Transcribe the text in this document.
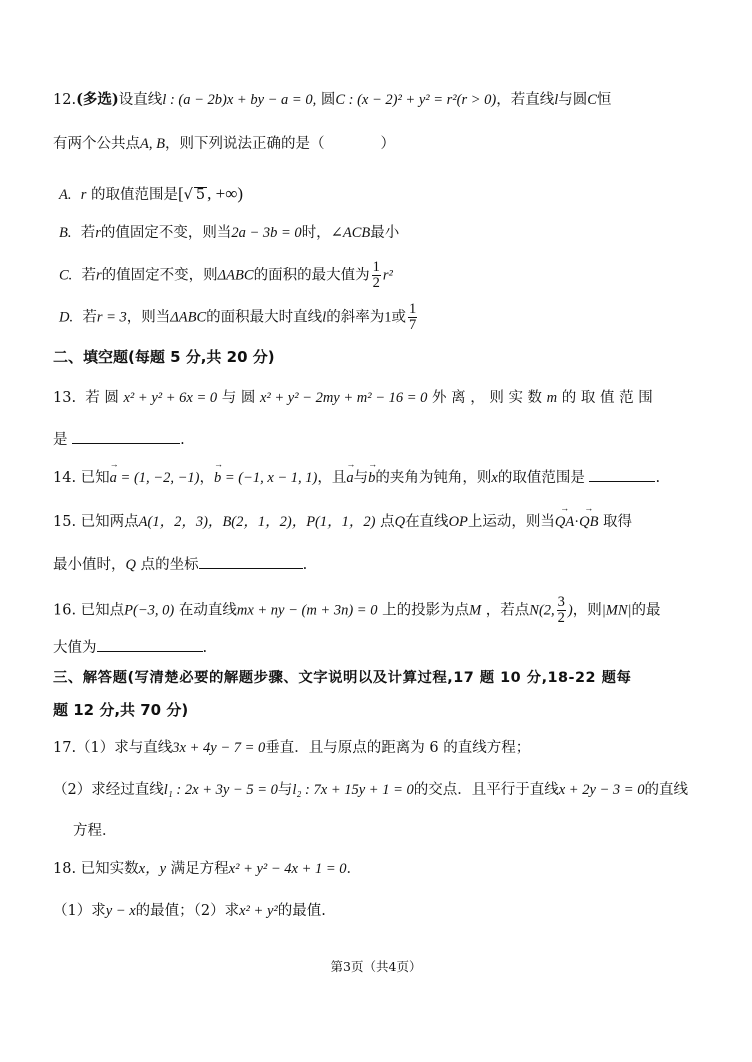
12.(多选)设直线l : (a − 2b)x + by − a = 0, 圆C : (x − 2)² + y² = r²(r > 0)，若直线l与圆C恒
有两个公共点A, B，则下列说法正确的是（	）
A. r 的取值范围是[√ 5 , +∞)
B. 若r的值固定不变，则当2a − 3b = 0时，∠ACB最小
C. 若r的值固定不变，则ΔABC的面积的最大值为 $\frac{1}{2} r^2$
D. 若r = 3，则当ΔABC的面积最大时直线l的斜率为1或 $\frac{1}{7}$
二、填空题(每题 5 分,共 20 分)
13. 若 圆 x² + y² + 6x = 0 与 圆 x² + y² − 2my + m² − 16 = 0 外 离 ， 则 实 数 m 的 取 值 范 围
是	.
14. 已知a → = (1, −2, −1)，b → = (−1, x − 1, 1)，且a →与b →的夹角为钝角，则x的取值范围是	.
15. 已知两点A(1，2，3)，B(2，1，2)，P(1，1，2) 点Q在直线OP上运动，则当QA →·QB → 取得
最小值时，Q 点的坐标	.
16. 已知点P(−3, 0) 在动直线mx + ny − (m + 3n) = 0 上的投影为点M ，若点N(2, $\frac{3}{2}$ )，则|MN|的最
大值为	.
三、解答题(写清楚必要的解题步骤、文字说明以及计算过程,17 题 10 分,18-22 题每
题 12 分,共 70 分)
17.（1）求与直线3x + 4y − 7 = 0垂直．且与原点的距离为 6 的直线方程；
（2）求经过直线l₁ : 2x + 3y − 5 = 0与l₂ : 7x + 15y + 1 = 0的交点．且平行于直线x + 2y − 3 = 0的直线
方程．
18. 已知实数x，y 满足方程x² + y² − 4x + 1 = 0．
（1）求y − x的最值；（2）求x² + y²的最值.
第3页（共4页）
